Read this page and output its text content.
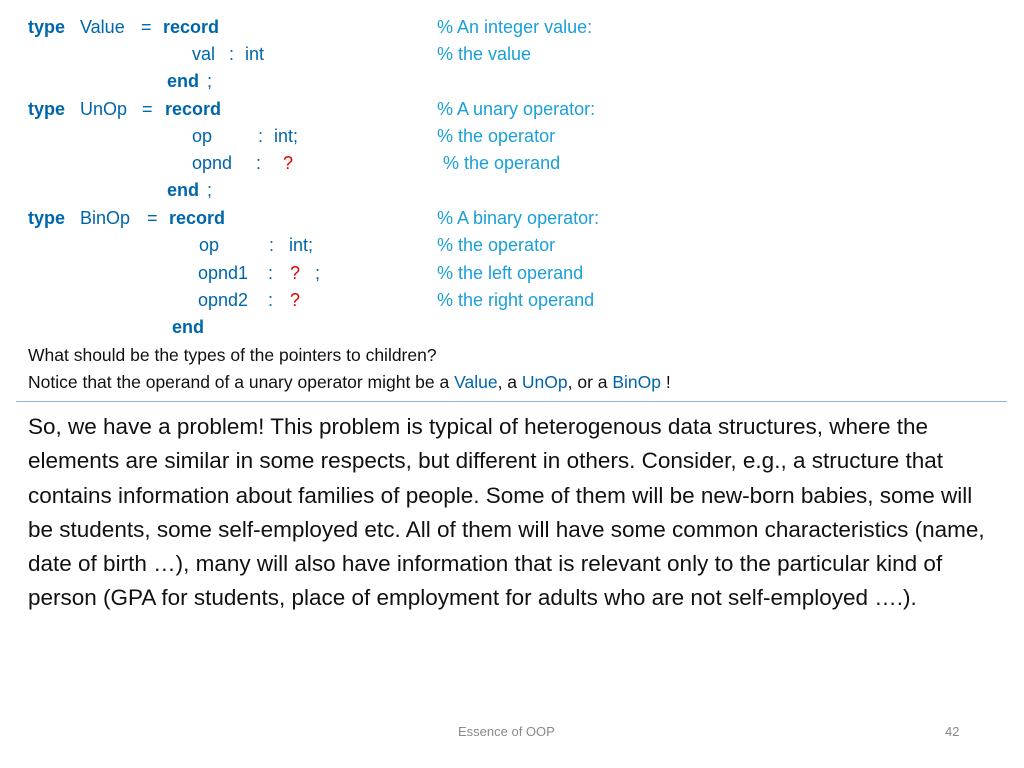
type Value = record	% An integer value:
val : int	% the value
end ;
type UnOp = record	% A unary operator:
op	: int;	% the operator
opnd : ?	% the operand
end ;
type BinOp = record	% A binary operator:
op	: int;	% the operator
opnd1 : ? ;	% the left operand
opnd2 : ?	% the right operand
end
What should be the types of the pointers to children?
Notice that the operand of a unary operator might be a Value, a UnOp, or a BinOp !
So, we have a problem! This problem is typical of heterogenous data structures, where the elements are similar in some respects, but different in others. Consider, e.g., a structure that contains information about families of people. Some of them will be new-born babies, some will be students, some self-employed etc. All of them will have some common characteristics (name, date of birth …), many will also have information that is relevant only to the particular kind of person (GPA for students, place of employment for adults who are not self-employed ….).
Essence of OOP	42
